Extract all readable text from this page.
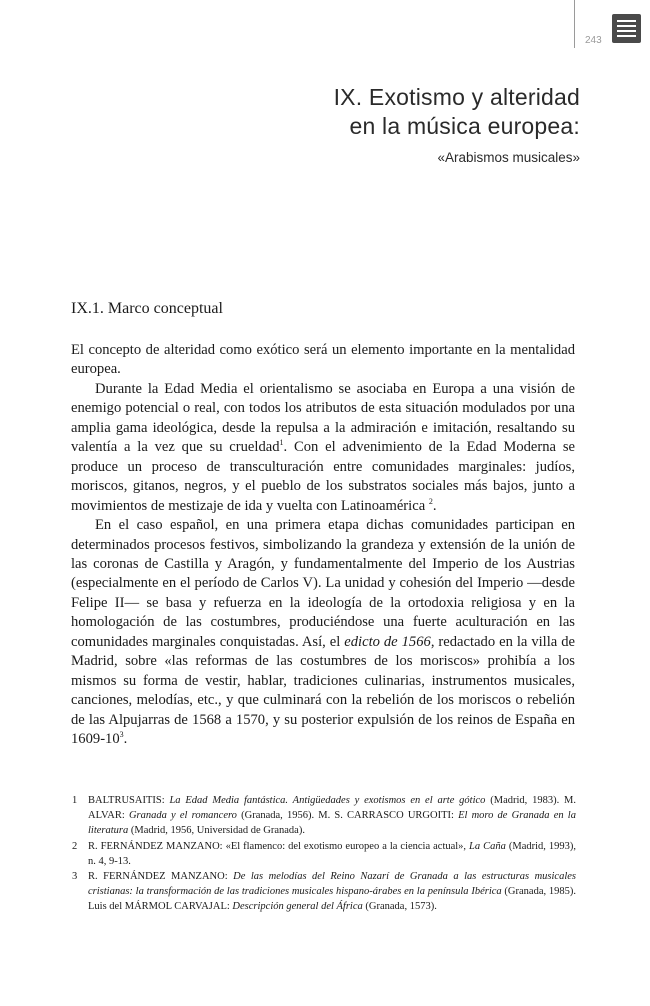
243
IX. Exotismo y alteridad
en la música europea:
«Arabismos musicales»
IX.1. Marco conceptual

El concepto de alteridad como exótico será un elemento importante en la mentalidad europea.

Durante la Edad Media el orientalismo se asociaba en Europa a una visión de enemigo potencial o real, con todos los atributos de esta situación modulados por una amplia gama ideológica, desde la repulsa a la admiración e imitación, resaltando su valentía a la vez que su crueldad$^1$. Con el advenimiento de la Edad Moderna se produce un proceso de transculturación entre comunidades marginales: judíos, moriscos, gitanos, negros, y el pueblo de los substratos sociales más bajos, junto a movimientos de mestizaje de ida y vuelta con Latinoamérica $^2$.

En el caso español, en una primera etapa dichas comunidades participan en determinados procesos festivos, simbolizando la grandeza y extensión de la unión de las coronas de Castilla y Aragón, y fundamentalmente del Imperio de los Austrias (especialmente en el período de Carlos V). La unidad y cohesión del Imperio —desde Felipe II— se basa y refuerza en la ideología de la ortodoxia religiosa y en la homologación de las costumbres, produciéndose una fuerte aculturación en las comunidades marginales conquistadas. Así, el edicto de 1566, redactado en la villa de Madrid, sobre «las reformas de las costumbres de los moriscos» prohibía a los mismos su forma de vestir, hablar, tradiciones culinarias, instrumentos musicales, canciones, melodías, etc., y que culminará con la rebelión de los moriscos o rebelión de las Alpujarras de 1568 a 1570, y su posterior expulsión de los reinos de España en 1609-10$^3$.

1 BALTRUSAITIS: La Edad Media fantástica. Antigüedades y exotismos en el arte gótico (Madrid, 1983). M. ALVAR: Granada y el romancero (Granada, 1956). M. S. CARRASCO URGOITI: El moro de Granada en la literatura (Madrid, 1956, Universidad de Granada).
2 R. FERNÁNDEZ MANZANO: «El flamenco: del exotismo europeo a la ciencia actual», La Caña (Madrid, 1993), n. 4, 9-13.
3 R. FERNÁNDEZ MANZANO: De las melodías del Reino Nazarí de Granada a las estructuras musicales cristianas: la transformación de las tradiciones musicales hispano-árabes en la península Ibérica (Granada, 1985). Luis del MÁRMOL CARVAJAL: Descripción general del África (Granada, 1573).
